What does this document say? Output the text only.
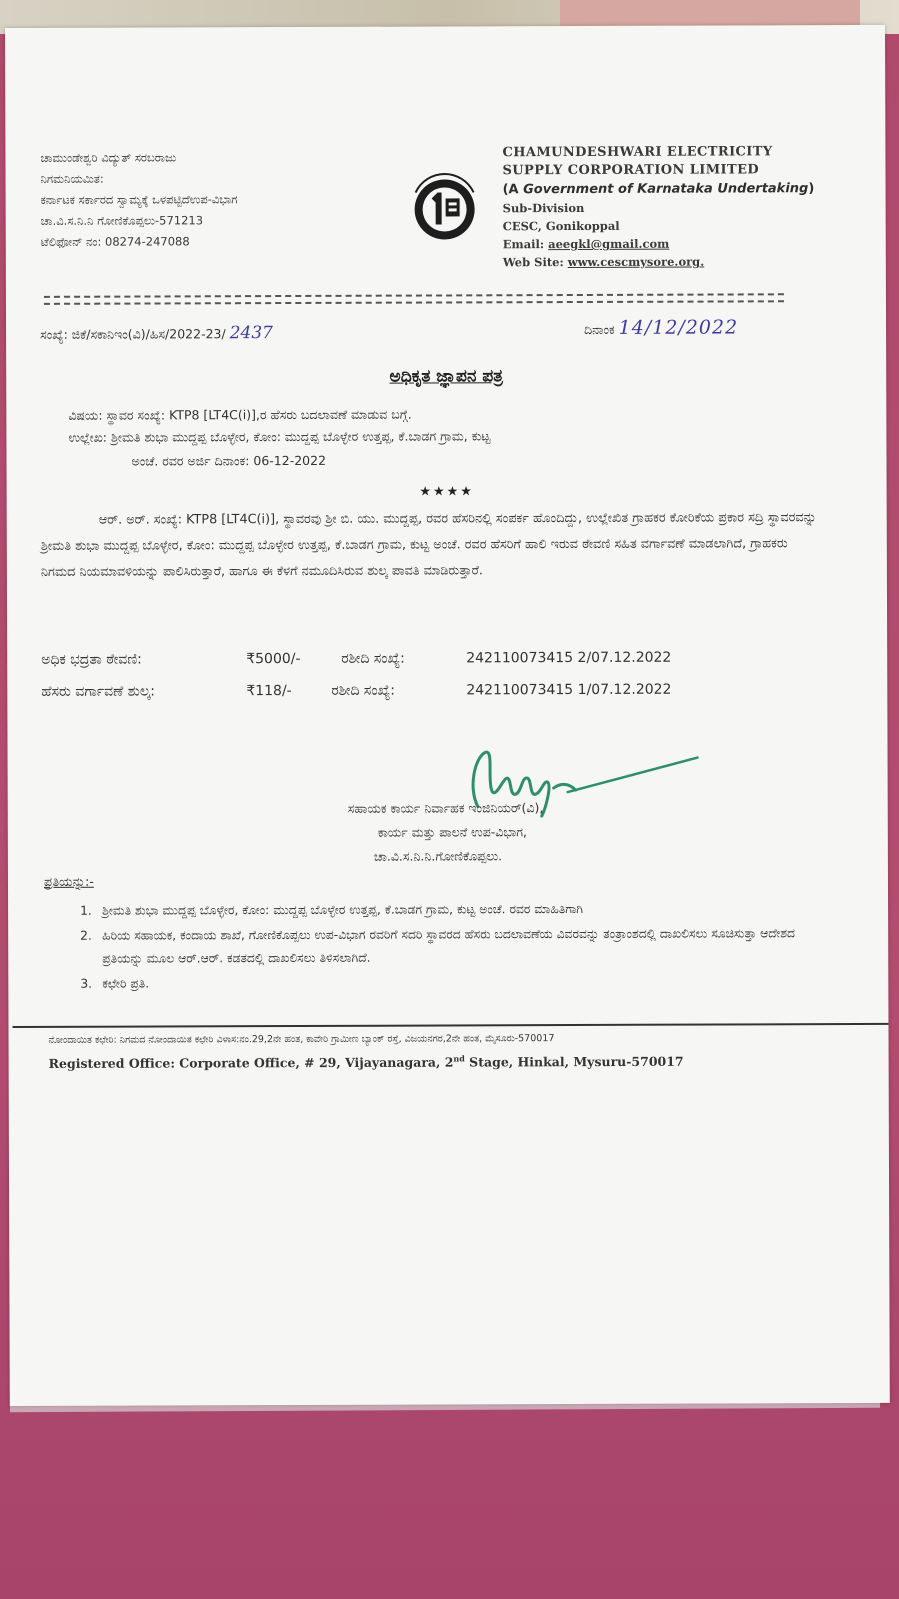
ಚಾಮುಂಡೇಶ್ವರಿ ವಿದ್ಯುತ್ ಸರಬರಾಜು
ನಿಗಮನಿಯಮಿತ:
ಕರ್ನಾಟಕ ಸರ್ಕಾರದ ಸ್ವಾಮ್ಯಕ್ಕೆ ಒಳಪಟ್ಟಿದೆಉಪ-ವಿಭಾಗ
ಚಾ.ವಿ.ಸ.ನಿ.ನಿ ಗೋಣಿಕೊಪ್ಪಲು-571213
ಟೆಲಿಫೋನ್ ನಂ: 08274-247088
CHAMUNDESHWARI ELECTRICITY
SUPPLY CORPORATION LIMITED
(A Government of Karnataka Undertaking)
Sub-Division
CESC, Gonikoppal
Email: aeegkl@gmail.com
Web Site: www.cescmysore.org.
ಸಂಖ್ಯೆ: ಜಿಕೆ/ಸಕಾನಿಇಂ(ವಿ)/ಹಿಸ/2022-23/ 2437	ದಿನಾಂಕ 14/12/2022
ಅಧಿಕೃತ ಜ್ಞಾಪನ ಪತ್ರ
ವಿಷಯ: ಸ್ಥಾವರ ಸಂಖ್ಯೆ: KTP8 [LT4C(i)],ರ ಹೆಸರು ಬದಲಾವಣೆ ಮಾಡುವ ಬಗ್ಗೆ.
ಉಲ್ಲೇಖ: ಶ್ರೀಮತಿ ಶುಭಾ ಮುದ್ದಪ್ಪ ಬೊಳ್ಳೇರ, ಕೋಂ: ಮುದ್ದಪ್ಪ ಬೊಳ್ಳೇರ ಉತ್ತಪ್ಪ, ಕೆ.ಬಾಡಗ ಗ್ರಾಮ, ಕುಟ್ಟ
ಅಂಚೆ. ರವರ ಅರ್ಜಿ ದಿನಾಂಕ: 06-12-2022
★★★★
ಆರ್. ಅರ್. ಸಂಖ್ಯೆ: KTP8 [LT4C(i)], ಸ್ಥಾವರವು ಶ್ರೀ ಬಿ. ಯು. ಮುದ್ದಪ್ಪ, ರವರ ಹೆಸರಿನಲ್ಲಿ ಸಂಪರ್ಕ ಹೊಂದಿದ್ದು, ಉಲ್ಲೇಖಿತ ಗ್ರಾಹಕರ ಕೋರಿಕೆಯ ಪ್ರಕಾರ ಸದ್ರಿ ಸ್ಥಾವರವನ್ನು ಶ್ರೀಮತಿ ಶುಭಾ ಮುದ್ದಪ್ಪ ಬೊಳ್ಳೇರ, ಕೋಂ: ಮುದ್ದಪ್ಪ ಬೊಳ್ಳೇರ ಉತ್ತಪ್ಪ, ಕೆ.ಬಾಡಗ ಗ್ರಾಮ, ಕುಟ್ಟ ಅಂಚೆ. ರವರ ಹೆಸರಿಗೆ ಹಾಲಿ ಇರುವ ಠೇವಣಿ ಸಹಿತ ವರ್ಗಾವಣೆ ಮಾಡಲಾಗಿದೆ, ಗ್ರಾಹಕರು ನಿಗಮದ ನಿಯಮಾವಳಿಯನ್ನು ಪಾಲಿಸಿರುತ್ತಾರೆ, ಹಾಗೂ ಈ ಕೆಳಗೆ ನಮೂದಿಸಿರುವ ಶುಲ್ಕ ಪಾವತಿ ಮಾಡಿರುತ್ತಾರೆ.
ಅಧಿಕ ಭದ್ರತಾ ಠೇವಣಿ:	₹5000/-	ರಶೀದಿ ಸಂಖ್ಯೆ:	242110073415 2/07.12.2022
ಹೆಸರು ವರ್ಗಾವಣೆ ಶುಲ್ಕ:	₹118/-	ರಶೀದಿ ಸಂಖ್ಯೆ:	242110073415 1/07.12.2022
ಸಹಾಯಕ ಕಾರ್ಯ ನಿರ್ವಾಹಕ ಇಂಜಿನಿಯರ್(ವಿ),
ಕಾರ್ಯ ಮತ್ತು ಪಾಲನೆ ಉಪ-ವಿಭಾಗ,
ಚಾ.ವಿ.ಸ.ನಿ.ನಿ.ಗೋಣಿಕೊಪ್ಪಲು.
ಪ್ರತಿಯನ್ನು:-
1. ಶ್ರೀಮತಿ ಶುಭಾ ಮುದ್ದಪ್ಪ ಬೊಳ್ಳೇರ, ಕೋಂ: ಮುದ್ದಪ್ಪ ಬೊಳ್ಳೇರ ಉತ್ತಪ್ಪ, ಕೆ.ಬಾಡಗ ಗ್ರಾಮ, ಕುಟ್ಟ ಅಂಚೆ. ರವರ ಮಾಹಿತಿಗಾಗಿ
2. ಹಿರಿಯ ಸಹಾಯಕ, ಕಂದಾಯ ಶಾಖೆ, ಗೋಣಿಕೊಪ್ಪಲು ಉಪ-ವಿಭಾಗ ರವರಿಗೆ ಸದರಿ ಸ್ಥಾವರದ ಹೆಸರು ಬದಲಾವಣೆಯ ವಿವರವನ್ನು ತಂತ್ರಾಂಶದಲ್ಲಿ ದಾಖಲಿಸಲು ಸೂಚಿಸುತ್ತಾ ಆದೇಶದ ಪ್ರತಿಯನ್ನು ಮೂಲ ಆರ್.ಆರ್. ಕಡತದಲ್ಲಿ ದಾಖಲಿಸಲು ತಿಳಿಸಲಾಗಿದೆ.
3. ಕಛೇರಿ ಪ್ರತಿ.
ನೋಂದಾಯಿತ ಕಛೇರಿ: ನಿಗಮದ ನೋಂದಾಯಿತ ಕಛೇರಿ ವಿಳಾಸ:ನಂ.29,2ನೇ ಹಂತ, ಕಾವೇರಿ ಗ್ರಾಮೀಣ ಬ್ಯಾಂಕ್ ರಸ್ತೆ, ವಿಜಯನಗರ,2ನೇ ಹಂತ, ಮೈಸೂರು-570017
Registered Office: Corporate Office, # 29, Vijayanagara, 2nd Stage, Hinkal, Mysuru-570017
